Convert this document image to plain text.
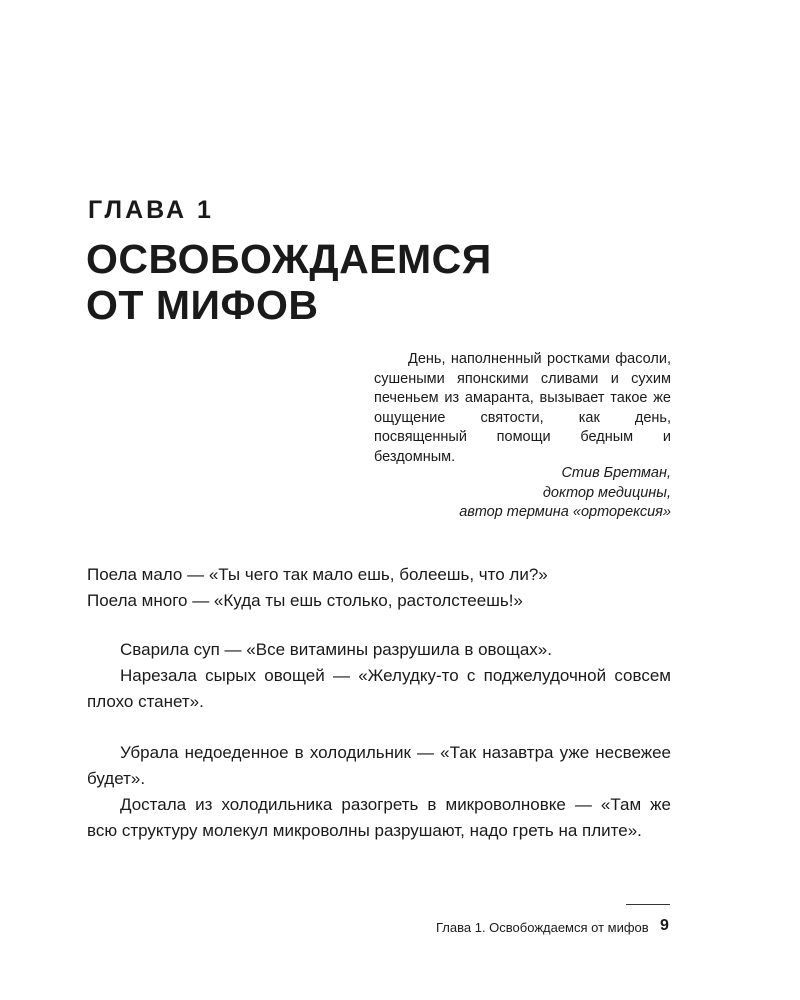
ГЛАВА 1
ОСВОБОЖДАЕМСЯ
ОТ МИФОВ

День, наполненный ростками фасоли, сушеными японскими сливами и сухим печеньем из амаранта, вызывает такое же ощущение святости, как день, посвященный помощи бедным и бездомным.

Стив Бретман,
доктор медицины,
автор термина «орторексия»

Поела мало — «Ты чего так мало ешь, болеешь, что ли?»

Поела много — «Куда ты ешь столько, растолстеешь!»

Сварила суп — «Все витамины разрушила в овощах».

Нарезала сырых овощей — «Желудку-то с поджелудочной совсем плохо станет».

Убрала недоеденное в холодильник — «Так назавтра уже несвежее будет».

Достала из холодильника разогреть в микроволновке — «Там же всю структуру молекул микроволны разрушают, надо греть на плите».

Глава 1. Освобождаемся от мифов 9
